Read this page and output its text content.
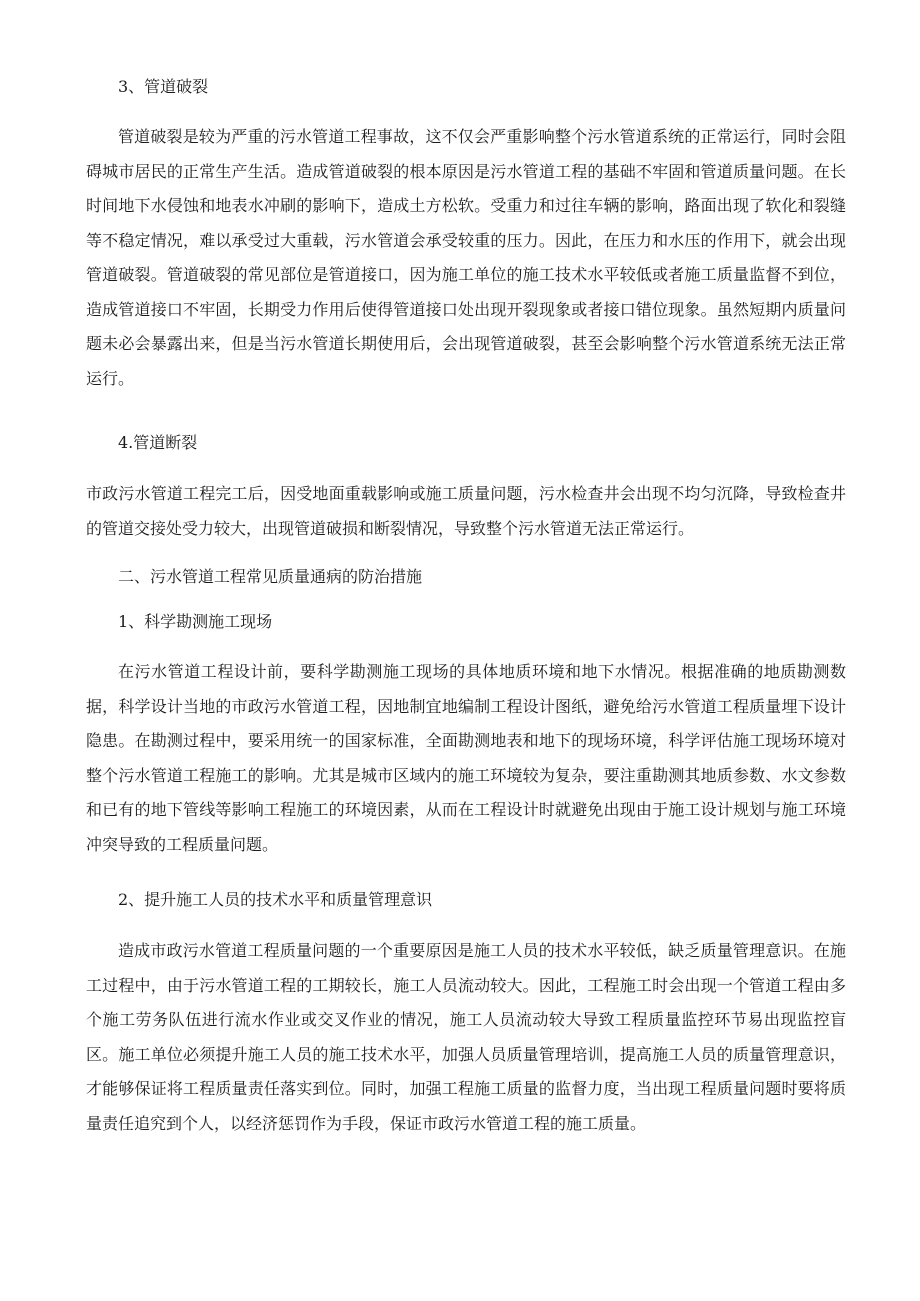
3、管道破裂

管道破裂是较为严重的污水管道工程事故，这不仅会严重影响整个污水管道系统的正常运行，同时会阻碍城市居民的正常生产生活。造成管道破裂的根本原因是污水管道工程的基础不牢固和管道质量问题。在长时间地下水侵蚀和地表水冲刷的影响下，造成土方松软。受重力和过往车辆的影响，路面出现了软化和裂缝等不稳定情况，难以承受过大重载，污水管道会承受较重的压力。因此，在压力和水压的作用下，就会出现管道破裂。管道破裂的常见部位是管道接口，因为施工单位的施工技术水平较低或者施工质量监督不到位，造成管道接口不牢固，长期受力作用后使得管道接口处出现开裂现象或者接口错位现象。虽然短期内质量问题未必会暴露出来，但是当污水管道长期使用后，会出现管道破裂，甚至会影响整个污水管道系统无法正常运行。

4.管道断裂

市政污水管道工程完工后，因受地面重载影响或施工质量问题，污水检查井会出现不均匀沉降，导致检查井的管道交接处受力较大，出现管道破损和断裂情况，导致整个污水管道无法正常运行。

二、污水管道工程常见质量通病的防治措施
1、科学勘测施工现场

在污水管道工程设计前，要科学勘测施工现场的具体地质环境和地下水情况。根据准确的地质勘测数据，科学设计当地的市政污水管道工程，因地制宜地编制工程设计图纸，避免给污水管道工程质量埋下设计隐患。在勘测过程中，要采用统一的国家标准，全面勘测地表和地下的现场环境，科学评估施工现场环境对整个污水管道工程施工的影响。尤其是城市区域内的施工环境较为复杂，要注重勘测其地质参数、水文参数和已有的地下管线等影响工程施工的环境因素，从而在工程设计时就避免出现由于施工设计规划与施工环境冲突导致的工程质量问题。

2、提升施工人员的技术水平和质量管理意识

造成市政污水管道工程质量问题的一个重要原因是施工人员的技术水平较低，缺乏质量管理意识。在施工过程中，由于污水管道工程的工期较长，施工人员流动较大。因此，工程施工时会出现一个管道工程由多个施工劳务队伍进行流水作业或交叉作业的情况，施工人员流动较大导致工程质量监控环节易出现监控盲区。施工单位必须提升施工人员的施工技术水平，加强人员质量管理培训，提高施工人员的质量管理意识，才能够保证将工程质量责任落实到位。同时，加强工程施工质量的监督力度，当出现工程质量问题时要将质量责任追究到个人，以经济惩罚作为手段，保证市政污水管道工程的施工质量。
